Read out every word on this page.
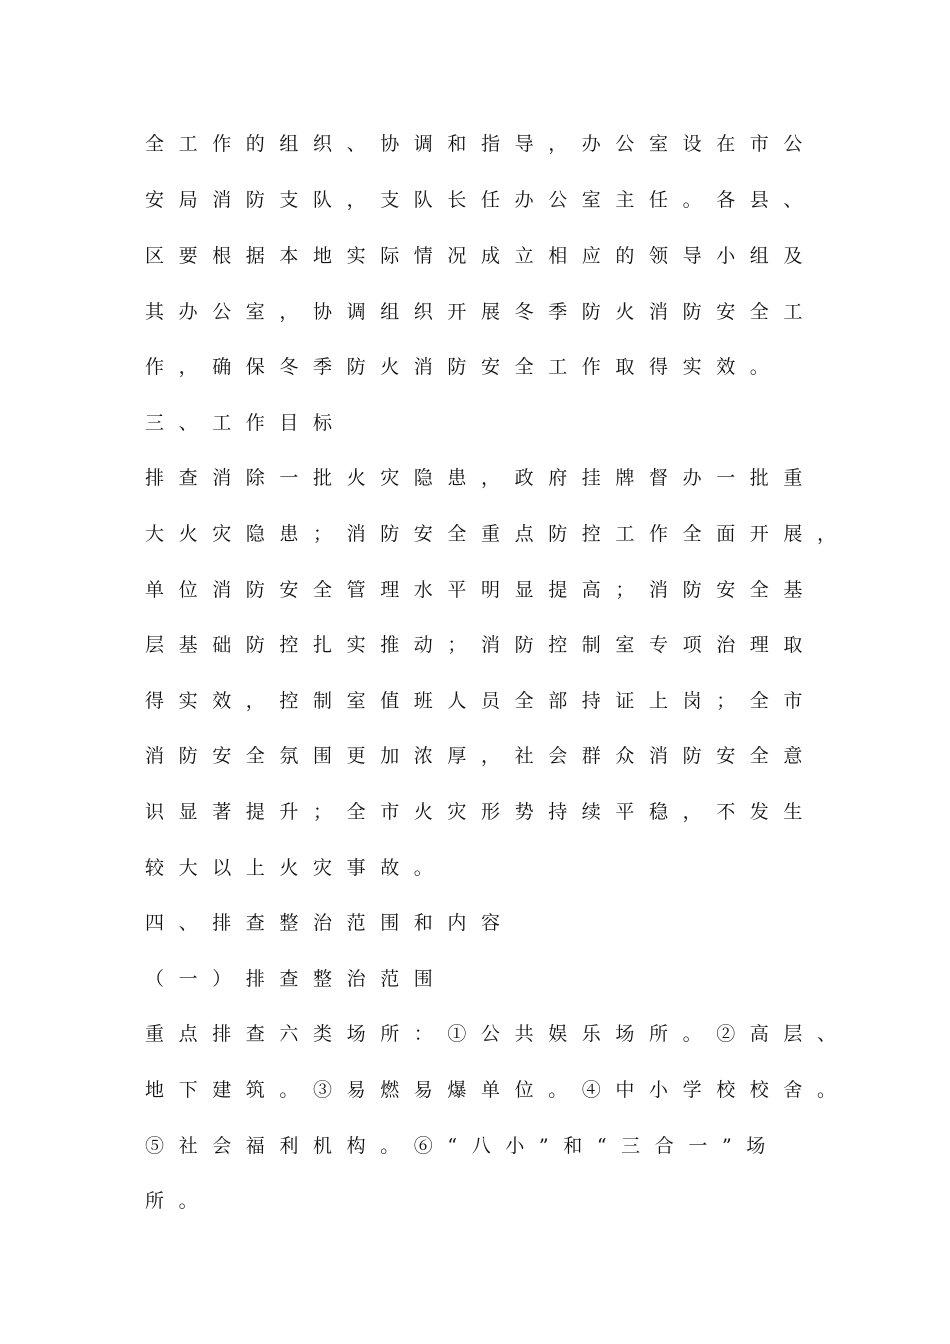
全工作的组织、协调和指导，办公室设在市公
安局消防支队，支队长任办公室主任。各县、
区要根据本地实际情况成立相应的领导小组及
其办公室，协调组织开展冬季防火消防安全工
作，确保冬季防火消防安全工作取得实效。
三、工作目标
排查消除一批火灾隐患，政府挂牌督办一批重
大火灾隐患；消防安全重点防控工作全面开展，
单位消防安全管理水平明显提高；消防安全基
层基础防控扎实推动；消防控制室专项治理取
得实效，控制室值班人员全部持证上岗；全市
消防安全氛围更加浓厚，社会群众消防安全意
识显著提升；全市火灾形势持续平稳，不发生
较大以上火灾事故。
四、排查整治范围和内容
（一）排查整治范围
重点排查六类场所：①公共娱乐场所。②高层、
地下建筑。③易燃易爆单位。④中小学校校舍。
⑤社会福利机构。⑥“八小”和“三合一”场
所。
